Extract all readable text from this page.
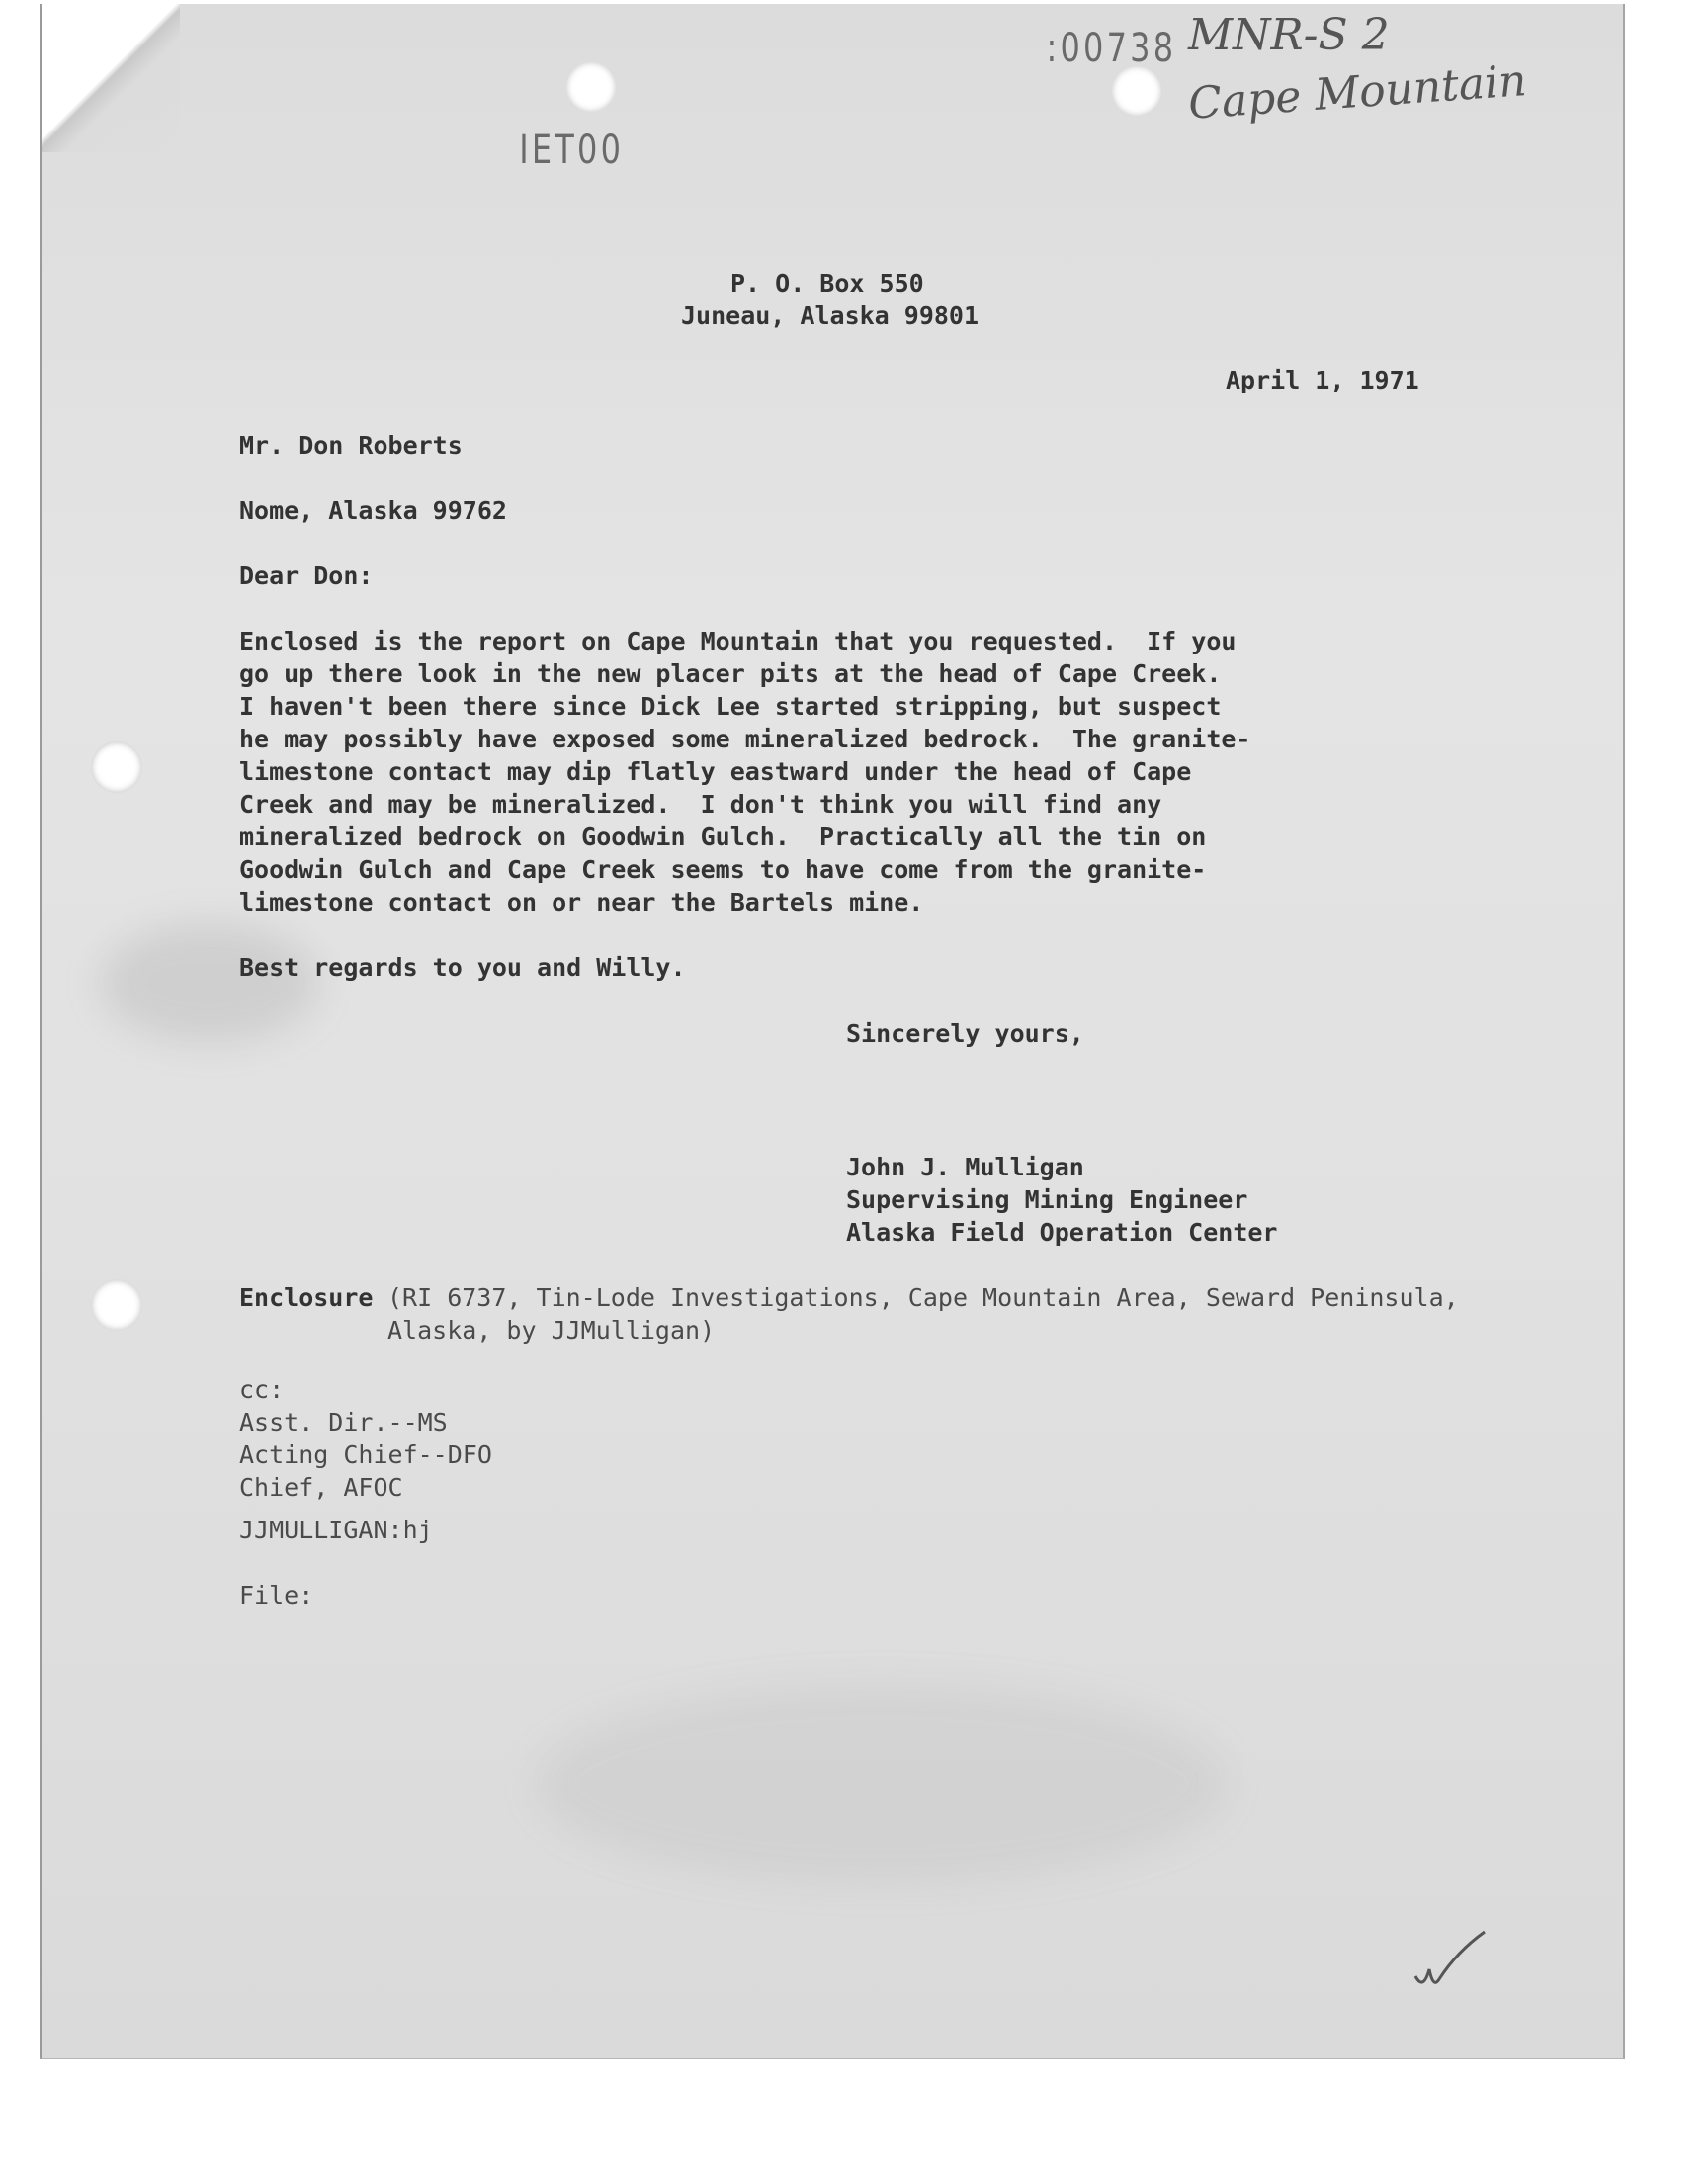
IET00
:00738 MNR-S 2
Cape Mountain
P. O. Box 550
Juneau, Alaska 99801
April 1, 1971
Mr. Don Roberts
Nome, Alaska 99762
Dear Don:
Enclosed is the report on Cape Mountain that you requested.  If you
go up there look in the new placer pits at the head of Cape Creek.
I haven't been there since Dick Lee started stripping, but suspect
he may possibly have exposed some mineralized bedrock.  The granite-
limestone contact may dip flatly eastward under the head of Cape
Creek and may be mineralized.  I don't think you will find any
mineralized bedrock on Goodwin Gulch.  Practically all the tin on
Goodwin Gulch and Cape Creek seems to have come from the granite-
limestone contact on or near the Bartels mine.
Best regards to you and Willy.
Sincerely yours,
John J. Mulligan
Supervising Mining Engineer
Alaska Field Operation Center
Enclosure (RI 6737, Tin-Lode Investigations, Cape Mountain Area, Seward Peninsula,
Alaska, by JJMulligan)
cc:
Asst. Dir.--MS
Acting Chief--DFO
Chief, AFOC
JJMULLIGAN:hj
File:
